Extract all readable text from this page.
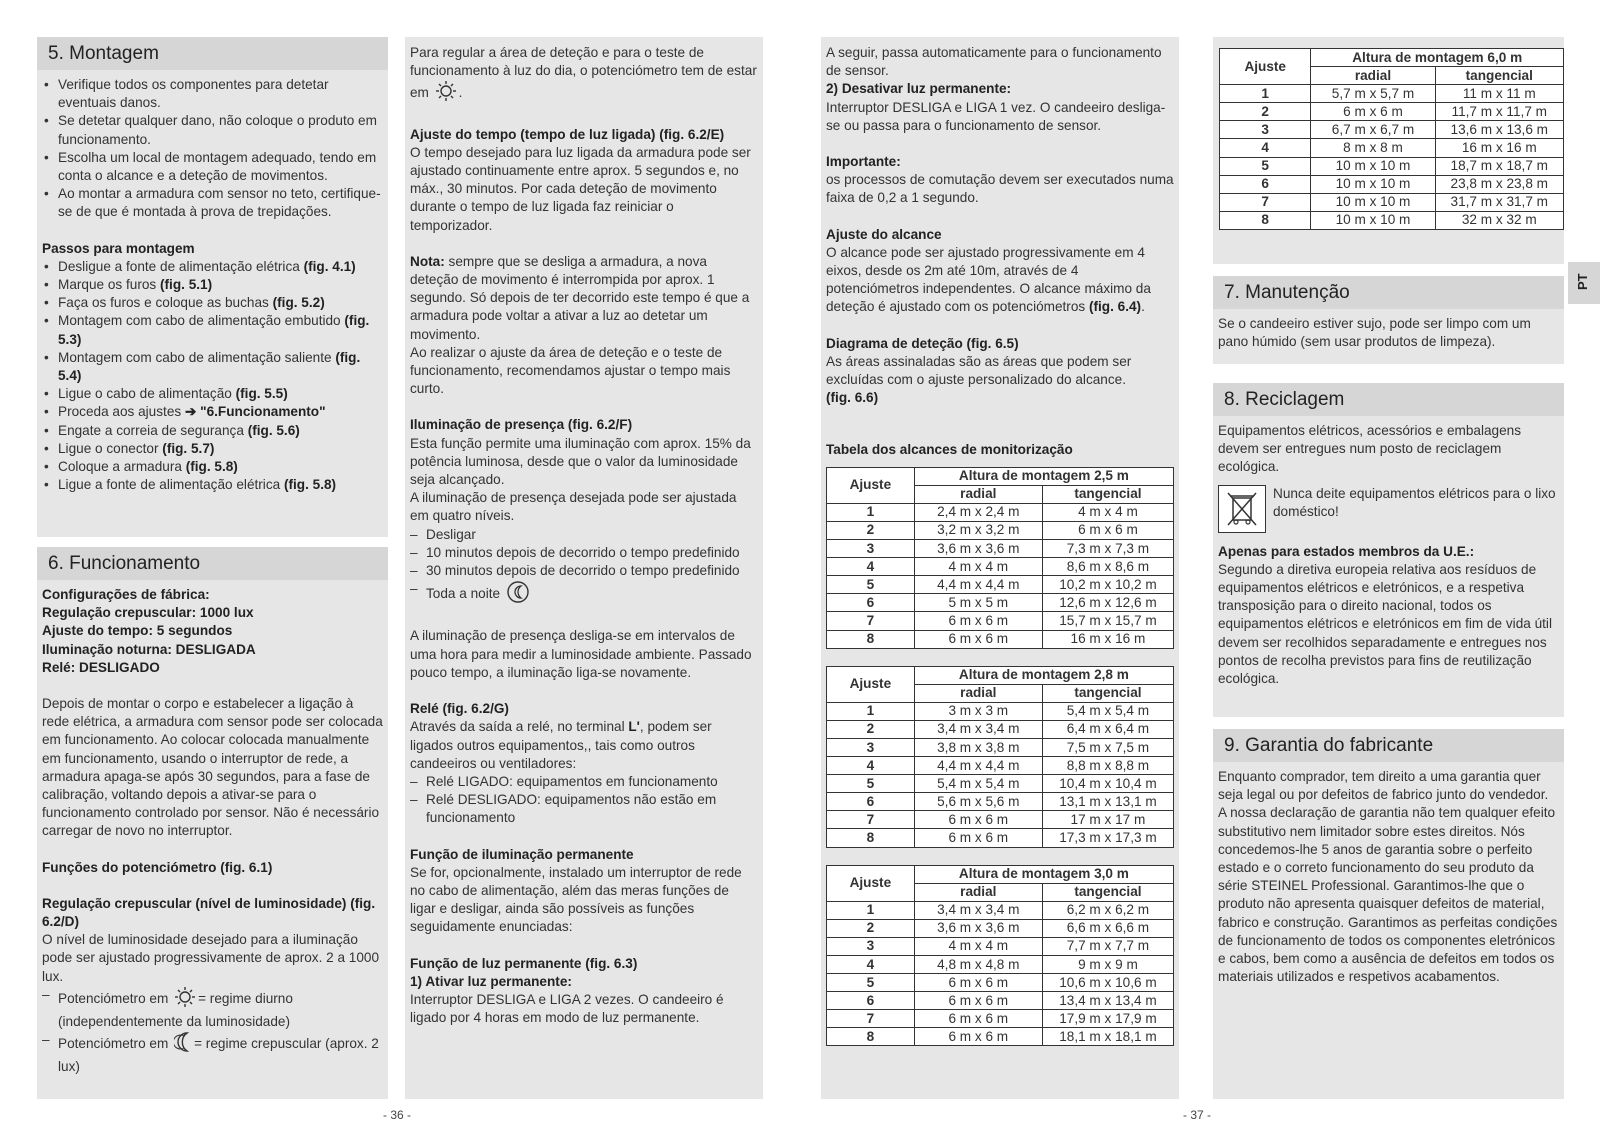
5. Montagem
• Verifique todos os componentes para detetar eventuais danos.
• Se detetar qualquer dano, não coloque o produto em funcionamento.
• Escolha um local de montagem adequado, tendo em conta o alcance e a deteção de movimentos.
• Ao montar a armadura com sensor no teto, certifique-se de que é montada à prova de trepidações.

Passos para montagem

• Desligue a fonte de alimentação elétrica (fig. 4.1)
• Marque os furos (fig. 5.1)
• Faça os furos e coloque as buchas (fig. 5.2)
• Montagem com cabo de alimentação embutido (fig. 5.3)
• Montagem com cabo de alimentação saliente (fig. 5.4)
• Ligue o cabo de alimentação (fig. 5.5)
• Proceda aos ajustes ➔ "6.Funcionamento"
• Engate a correia de segurança (fig. 5.6)
• Ligue o conector (fig. 5.7)
• Coloque a armadura (fig. 5.8)
• Ligue a fonte de alimentação elétrica (fig. 5.8)
6. Funcionamento

Configurações de fábrica:

Regulação crepuscular: 1000 lux

Ajuste do tempo: 5 segundos

Iluminação noturna: DESLIGADA

Relé: DESLIGADO

Depois de montar o corpo e estabelecer a ligação à rede elétrica, a armadura com sensor pode ser colocada em funcionamento. Ao colocar colocada manualmente em funcionamento, usando o interruptor de rede, a armadura apaga-se após 30 segundos, para a fase de calibração, voltando depois a ativar-se para o funcionamento controlado por sensor. Não é necessário carregar de novo no interruptor.

Funções do potenciómetro (fig. 6.1)

Regulação crepuscular (nível de luminosidade) (fig. 6.2/D)

O nível de luminosidade desejado para a iluminação pode ser ajustado progressivamente de aprox. 2 a 1000 lux.

– Potenciómetro em = regime diurno (independentemente da luminosidade)
– Potenciómetro em = regime crepuscular (aprox. 2 lux)

Para regular a área de deteção e para o teste de funcionamento à luz do dia, o potenciómetro tem de estar em .

Ajuste do tempo (tempo de luz ligada) (fig. 6.2/E)

O tempo desejado para luz ligada da armadura pode ser ajustado continuamente entre aprox. 5 segundos e, no máx., 30 minutos. Por cada deteção de movimento durante o tempo de luz ligada faz reiniciar o temporizador.

Nota: sempre que se desliga a armadura, a nova deteção de movimento é interrompida por aprox. 1 segundo. Só depois de ter decorrido este tempo é que a armadura pode voltar a ativar a luz ao detetar um movimento.

Ao realizar o ajuste da área de deteção e o teste de funcionamento, recomendamos ajustar o tempo mais curto.

Iluminação de presença (fig. 6.2/F)

Esta função permite uma iluminação com aprox. 15% da potência luminosa, desde que o valor da luminosidade seja alcançado.

A iluminação de presença desejada pode ser ajustada em quatro níveis.

– Desligar
– 10 minutos depois de decorrido o tempo predefinido
– 30 minutos depois de decorrido o tempo predefinido
– Toda a noite

A iluminação de presença desliga-se em intervalos de uma hora para medir a luminosidade ambiente. Passado pouco tempo, a iluminação liga-se novamente.

Relé (fig. 6.2/G)

Através da saída a relé, no terminal L', podem ser ligados outros equipamentos,, tais como outros candeeiros ou ventiladores:

– Relé LIGADO: equipamentos em funcionamento
– Relé DESLIGADO: equipamentos não estão em funcionamento

Função de iluminação permanente

Se for, opcionalmente, instalado um interruptor de rede no cabo de alimentação, além das meras funções de ligar e desligar, ainda são possíveis as funções seguidamente enunciadas:

Função de luz permanente (fig. 6.3)

1) Ativar luz permanente:

Interruptor DESLIGA e LIGA 2 vezes. O candeeiro é ligado por 4 horas em modo de luz permanente.

A seguir, passa automaticamente para o funcionamento de sensor.

2) Desativar luz permanente:

Interruptor DESLIGA e LIGA 1 vez. O candeeiro desliga-se ou passa para o funcionamento de sensor.

Importante:

os processos de comutação devem ser executados numa faixa de 0,2 a 1 segundo.

Ajuste do alcance

O alcance pode ser ajustado progressivamente em 4 eixos, desde os 2m até 10m, através de 4 potenciómetros independentes. O alcance máximo da deteção é ajustado com os potenciómetros (fig. 6.4).

Diagrama de deteção (fig. 6.5)

As áreas assinaladas são as áreas que podem ser excluídas com o ajuste personalizado do alcance.

(fig. 6.6)

Tabela dos alcances de monitorização

Ajuste	Altura de montagem 2,5 m	
	radial	tangencial
1	2,4 m x 2,4 m	4 m x 4 m
2	3,2 m x 3,2 m	6 m x 6 m
3	3,6 m x 3,6 m	7,3 m x 7,3 m
4	4 m x 4 m	8,6 m x 8,6 m
5	4,4 m x 4,4 m	10,2 m x 10,2 m
6	5 m x 5 m	12,6 m x 12,6 m
7	6 m x 6 m	15,7 m x 15,7 m
8	6 m x 6 m	16 m x 16 m
Ajuste	Altura de montagem 2,8 m	
	radial	tangencial
1	3 m x 3 m	5,4 m x 5,4 m
2	3,4 m x 3,4 m	6,4 m x 6,4 m
3	3,8 m x 3,8 m	7,5 m x 7,5 m
4	4,4 m x 4,4 m	8,8 m x 8,8 m
5	5,4 m x 5,4 m	10,4 m x 10,4 m
6	5,6 m x 5,6 m	13,1 m x 13,1 m
7	6 m x 6 m	17 m x 17 m
8	6 m x 6 m	17,3 m x 17,3 m
Ajuste	Altura de montagem 3,0 m	
	radial	tangencial
1	3,4 m x 3,4 m	6,2 m x 6,2 m
2	3,6 m x 3,6 m	6,6 m x 6,6 m
3	4 m x 4 m	7,7 m x 7,7 m
4	4,8 m x 4,8 m	9 m x 9 m
5	6 m x 6 m	10,6 m x 10,6 m
6	6 m x 6 m	13,4 m x 13,4 m
7	6 m x 6 m	17,9 m x 17,9 m
8	6 m x 6 m	18,1 m x 18,1 m
Ajuste	Altura de montagem 6,0 m	
	radial	tangencial
1	5,7 m x 5,7 m	11 m x 11 m
2	6 m x 6 m	11,7 m x 11,7 m
3	6,7 m x 6,7 m	13,6 m x 13,6 m
4	8 m x 8 m	16 m x 16 m
5	10 m x 10 m	18,7 m x 18,7 m
6	10 m x 10 m	23,8 m x 23,8 m
7	10 m x 10 m	31,7 m x 31,7 m
8	10 m x 10 m	32 m x 32 m
7. Manutenção

Se o candeeiro estiver sujo, pode ser limpo com um pano húmido (sem usar produtos de limpeza).

8. Reciclagem

Equipamentos elétricos, acessórios e embalagens devem ser entregues num posto de reciclagem ecológica.

Nunca deite equipamentos elétricos para o lixo doméstico!

Apenas para estados membros da U.E.:

Segundo a diretiva europeia relativa aos resíduos de equipamentos elétricos e eletrónicos, e a respetiva transposição para o direito nacional, todos os equipamentos elétricos e eletrónicos em fim de vida útil devem ser recolhidos separadamente e entregues nos pontos de recolha previstos para fins de reutilização ecológica.

9. Garantia do fabricante

Enquanto comprador, tem direito a uma garantia quer seja legal ou por defeitos de fabrico junto do vendedor. A nossa declaração de garantia não tem qualquer efeito substitutivo nem limitador sobre estes direitos. Nós concedemos-lhe 5 anos de garantia sobre o perfeito estado e o correto funcionamento do seu produto da série STEINEL Professional. Garantimos-lhe que o produto não apresenta quaisquer defeitos de material, fabrico e construção. Garantimos as perfeitas condições de funcionamento de todos os componentes eletrónicos e cabos, bem como a ausência de defeitos em todos os materiais utilizados e respetivos acabamentos.

PT
- 36 -	- 37 -
